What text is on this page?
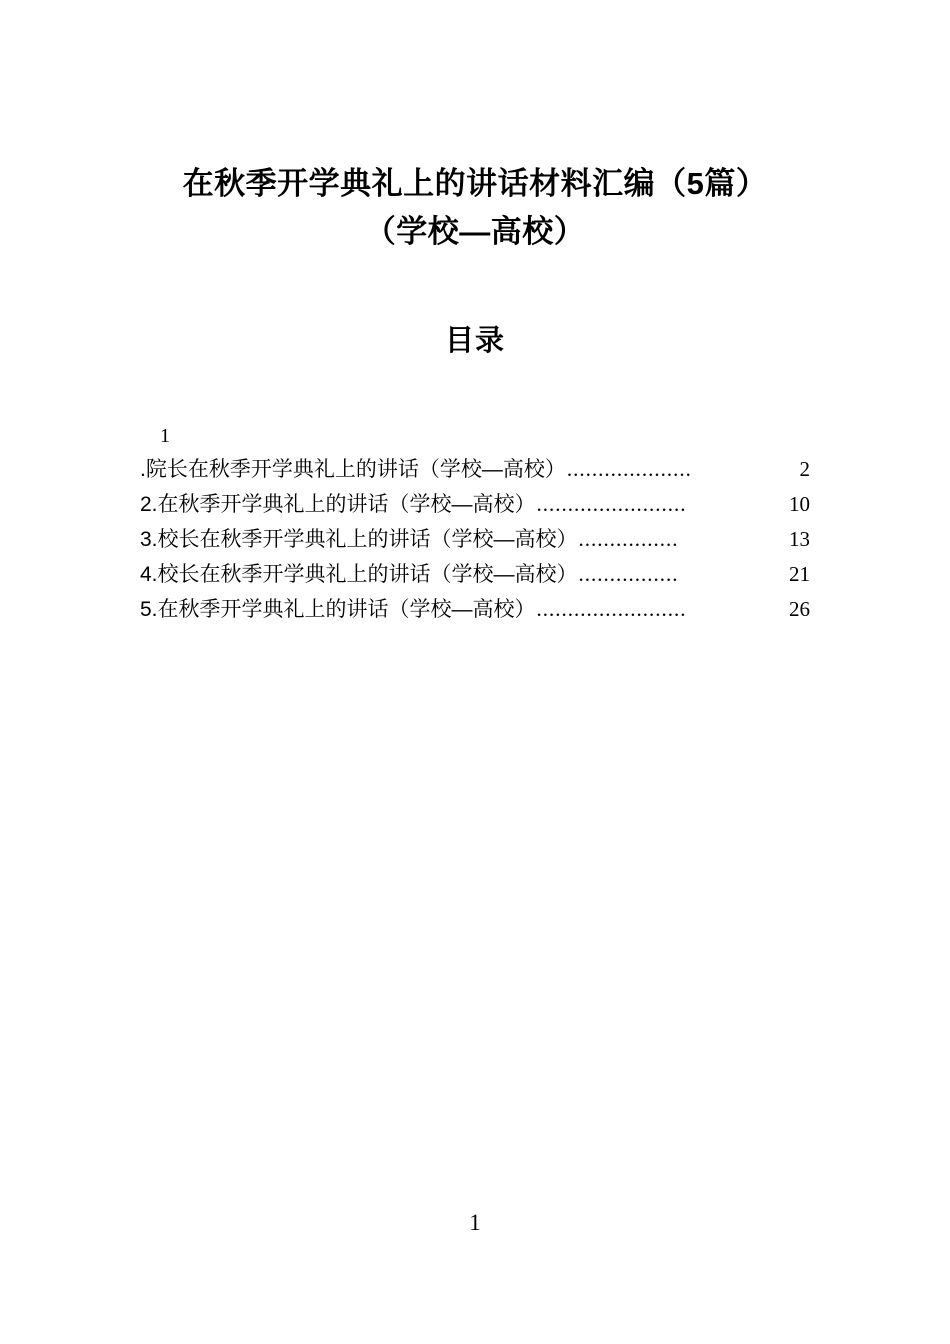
在秋季开学典礼上的讲话材料汇编（5篇）
（学校—高校）
目录
1
.院长在秋季开学典礼上的讲话（学校—高校） ....................	2
2.在秋季开学典礼上的讲话（学校—高校） ........................	10
3.校长在秋季开学典礼上的讲话（学校—高校） ................	13
4.校长在秋季开学典礼上的讲话（学校—高校） ................	21
5.在秋季开学典礼上的讲话（学校—高校） ........................	26
1
